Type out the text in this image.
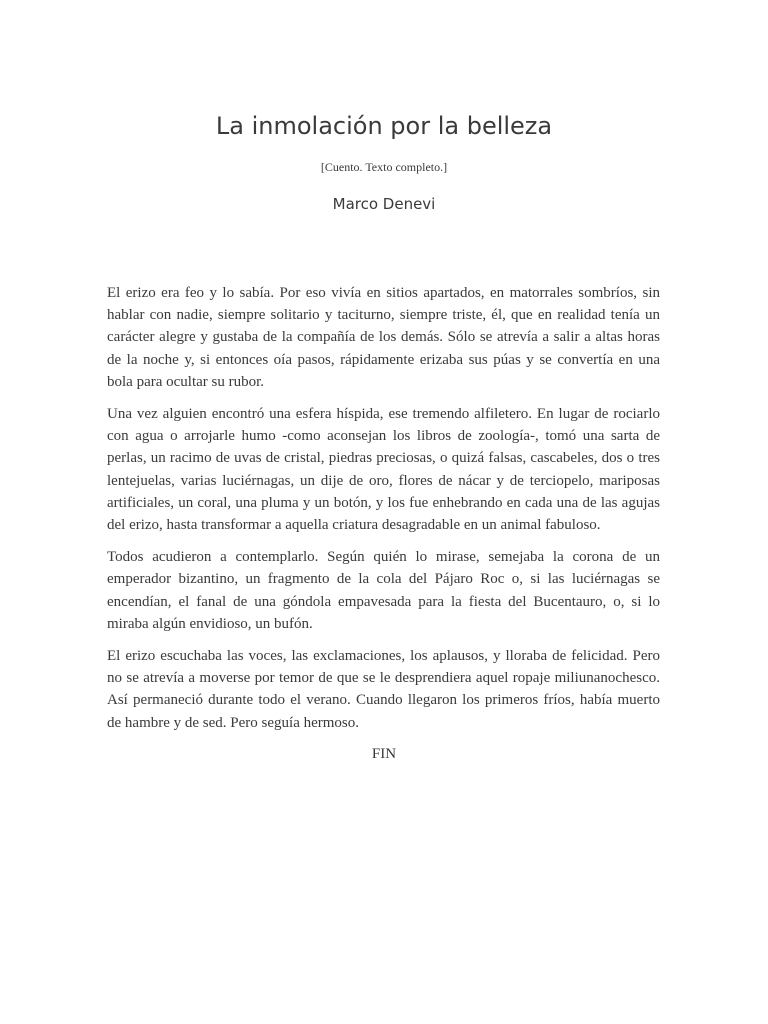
La inmolación por la belleza
[Cuento. Texto completo.]
Marco Denevi

El erizo era feo y lo sabía. Por eso vivía en sitios apartados, en matorrales sombríos, sin hablar con nadie, siempre solitario y taciturno, siempre triste, él, que en realidad tenía un carácter alegre y gustaba de la compañía de los demás. Sólo se atrevía a salir a altas horas de la noche y, si entonces oía pasos, rápidamente erizaba sus púas y se convertía en una bola para ocultar su rubor.

Una vez alguien encontró una esfera híspida, ese tremendo alfiletero. En lugar de rociarlo con agua o arrojarle humo -como aconsejan los libros de zoología-, tomó una sarta de perlas, un racimo de uvas de cristal, piedras preciosas, o quizá falsas, cascabeles, dos o tres lentejuelas, varias luciérnagas, un dije de oro, flores de nácar y de terciopelo, mariposas artificiales, un coral, una pluma y un botón, y los fue enhebrando en cada una de las agujas del erizo, hasta transformar a aquella criatura desagradable en un animal fabuloso.

Todos acudieron a contemplarlo. Según quién lo mirase, semejaba la corona de un emperador bizantino, un fragmento de la cola del Pájaro Roc o, si las luciérnagas se encendían, el fanal de una góndola empavesada para la fiesta del Bucentauro, o, si lo miraba algún envidioso, un bufón.

El erizo escuchaba las voces, las exclamaciones, los aplausos, y lloraba de felicidad. Pero no se atrevía a moverse por temor de que se le desprendiera aquel ropaje miliunanochesco. Así permaneció durante todo el verano. Cuando llegaron los primeros fríos, había muerto de hambre y de sed. Pero seguía hermoso.

FIN
